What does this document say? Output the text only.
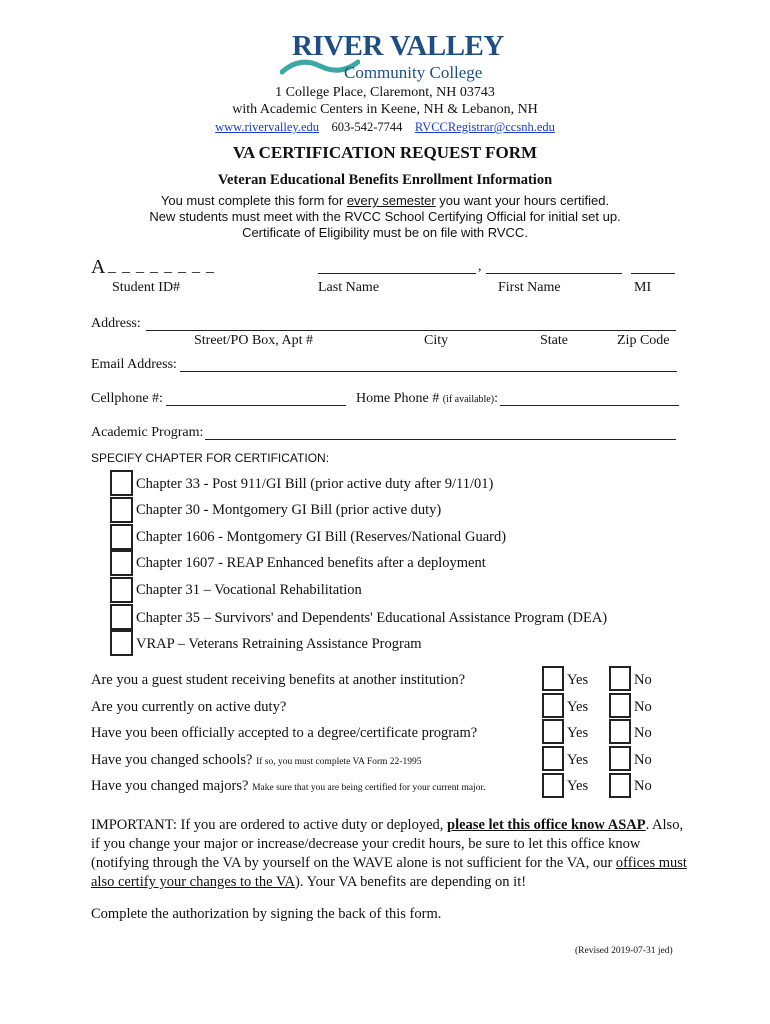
RIVER VALLEY
Community College
1 College Place, Claremont, NH 03743
with Academic Centers in Keene, NH & Lebanon, NH
www.rivervalley.edu 603-542-7744 RVCCRegistrar@ccsnh.edu
VA CERTIFICATION REQUEST FORM
Veteran Educational Benefits Enrollment Information
You must complete this form for every semester you want your hours certified.
New students must meet with the RVCC School Certifying Official for initial set up.
Certificate of Eligibility must be on file with RVCC.
A _ _ _ _ _ _ _ _	,
Student ID#	Last Name	First Name	MI
Address:
Street/PO Box, Apt #	City	State	Zip Code
Email Address:
Cellphone #:	Home Phone # (if available):
Academic Program:
SPECIFY CHAPTER FOR CERTIFICATION:
Chapter 33 - Post 911/GI Bill (prior active duty after 9/11/01)
Chapter 30 - Montgomery GI Bill (prior active duty)
Chapter 1606 - Montgomery GI Bill (Reserves/National Guard)
Chapter 1607 - REAP Enhanced benefits after a deployment
Chapter 31 – Vocational Rehabilitation
Chapter 35 – Survivors' and Dependents' Educational Assistance Program (DEA)
VRAP – Veterans Retraining Assistance Program
Are you a guest student receiving benefits at another institution?	Yes	No
Are you currently on active duty?	Yes	No
Have you been officially accepted to a degree/certificate program?	Yes	No
Have you changed schools? If so, you must complete VA Form 22-1995	Yes	No
Have you changed majors? Make sure that you are being certified for your current major.	Yes	No
IMPORTANT: If you are ordered to active duty or deployed, please let this office know ASAP. Also, if you change your major or increase/decrease your credit hours, be sure to let this office know (notifying through the VA by yourself on the WAVE alone is not sufficient for the VA, our offices must also certify your changes to the VA). Your VA benefits are depending on it!
Complete the authorization by signing the back of this form.
(Revised 2019-07-31 jed)
